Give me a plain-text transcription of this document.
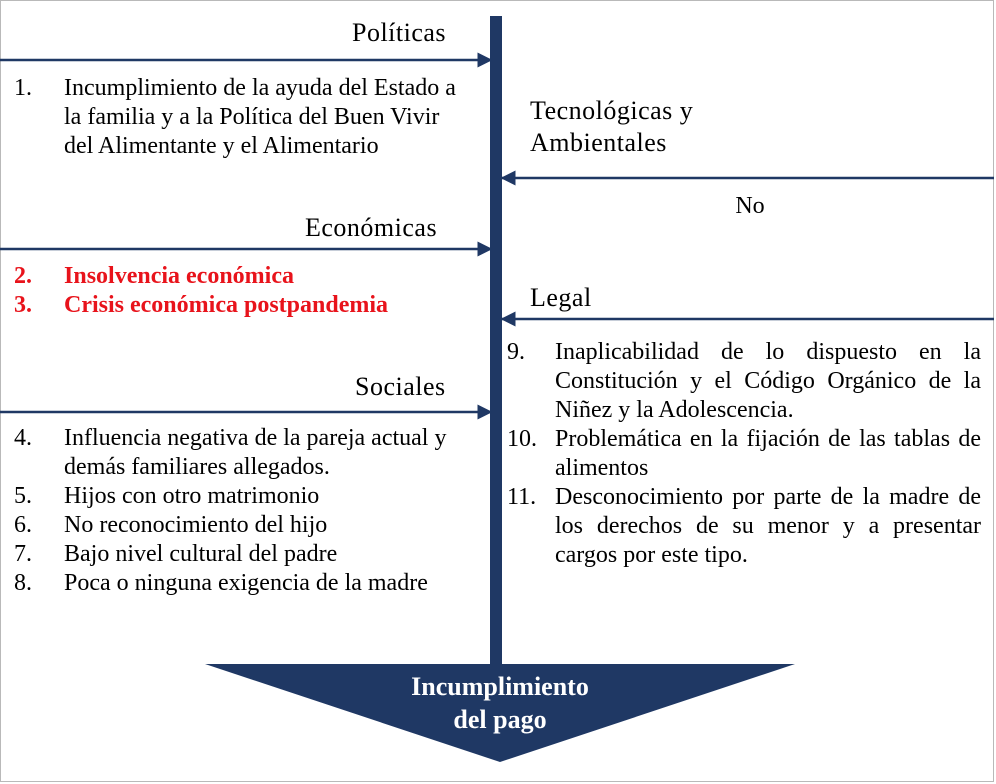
Políticas
1.	Incumplimiento de la ayuda del Estado a la familia y a la Política del Buen Vivir del Alimentante y el Alimentario
Económicas
2.	Insolvencia económica
3.	Crisis económica postpandemia
Sociales
4.	Influencia negativa de la pareja actual y demás familiares allegados.
5.	Hijos con otro matrimonio
6.	No reconocimiento del hijo
7.	Bajo nivel cultural del padre
8.	Poca o ninguna exigencia de la madre
Tecnológicas y
Ambientales
No
Legal
9.	Inaplicabilidad de lo dispuesto en la Constitución y el Código Orgánico de la Niñez y la Adolescencia.
10. Problemática en la fijación de las tablas de alimentos
11. Desconocimiento por parte de la madre de los derechos de su menor y a presentar cargos por este tipo.
Incumplimiento
del pago
